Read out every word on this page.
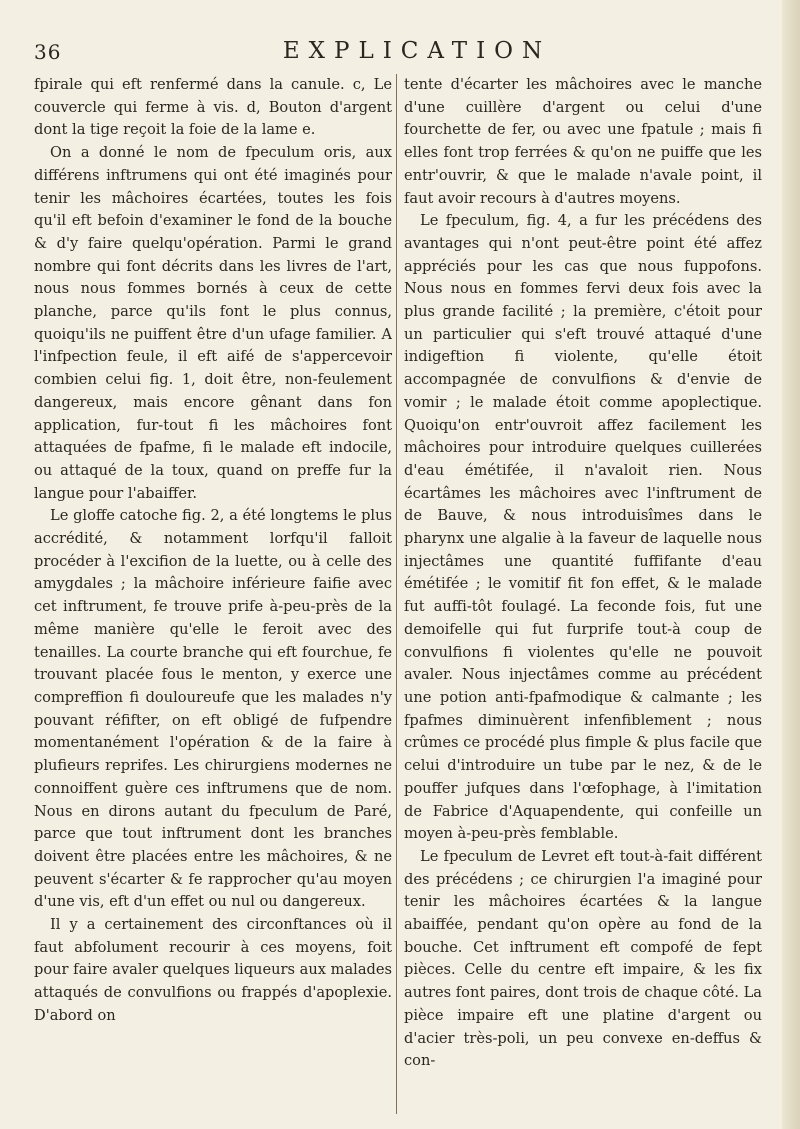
36	EXPLICATION

fpirale qui eft renfermé dans la canule. c, Le couvercle qui ferme à vis. d, Bouton d'argent dont la tige reçoit la foie de la lame e.

On a donné le nom de fpeculum oris, aux différens inftrumens qui ont été imaginés pour tenir les mâchoires écartées, toutes les fois qu'il eft befoin d'examiner le fond de la bouche & d'y faire quelqu'opération. Parmi le grand nombre qui font décrits dans les livres de l'art, nous nous fommes bornés à ceux de cette planche, parce qu'ils font le plus connus, quoiqu'ils ne puiffent être d'un ufage familier. A l'infpection feule, il eft aifé de s'appercevoir combien celui fig. 1, doit être, non-feulement dangereux, mais encore gênant dans fon application, fur-tout fi les mâchoires font attaquées de fpafme, fi le malade eft indocile, ou attaqué de la toux, quand on preffe fur la langue pour l'abaiffer.

Le gloffe catoche fig. 2, a été longtems le plus accrédité, & notamment lorfqu'il falloit procéder à l'excifion de la luette, ou à celle des amygdales ; la mâchoire inférieure faifie avec cet inftrument, fe trouve prife à-peu-près de la même manière qu'elle le feroit avec des tenailles. La courte branche qui eft fourchue, fe trouvant placée fous le menton, y exerce une compreffion fi douloureufe que les malades n'y pouvant réfifter, on eft obligé de fufpendre momentanément l'opération & de la faire à plufieurs reprifes. Les chirurgiens modernes ne connoiffent guère ces inftrumens que de nom. Nous en dirons autant du fpeculum de Paré, parce que tout inftrument dont les branches doivent être placées entre les mâchoires, & ne peuvent s'écarter & fe rapprocher qu'au moyen d'une vis, eft d'un effet ou nul ou dangereux.

Il y a certainement des circonftances où il faut abfolument recourir à ces moyens, foit pour faire avaler quelques liqueurs aux malades attaqués de convulfions ou frappés d'apoplexie. D'abord on

tente d'écarter les mâchoires avec le manche d'une cuillère d'argent ou celui d'une fourchette de fer, ou avec une fpatule ; mais fi elles font trop ferrées & qu'on ne puiffe que les entr'ouvrir, & que le malade n'avale point, il faut avoir recours à d'autres moyens.

Le fpeculum, fig. 4, a fur les précédens des avantages qui n'ont peut-être point été affez appréciés pour les cas que nous fuppofons. Nous nous en fommes fervi deux fois avec la plus grande facilité ; la première, c'étoit pour un particulier qui s'eft trouvé attaqué d'une indigeftion fi violente, qu'elle étoit accompagnée de convulfions & d'envie de vomir ; le malade étoit comme apoplectique. Quoiqu'on entr'ouvroit affez facilement les mâchoires pour introduire quelques cuillerées d'eau émétifée, il n'avaloit rien. Nous écartâmes les mâchoires avec l'inftrument de de Bauve, & nous introduisîmes dans le pharynx une algalie à la faveur de laquelle nous injectâmes une quantité fuffifante d'eau émétifée ; le vomitif fit fon effet, & le malade fut auffi-tôt foulagé. La feconde fois, fut une demoifelle qui fut furprife tout-à coup de convulfions fi violentes qu'elle ne pouvoit avaler. Nous injectâmes comme au précédent une potion anti-fpafmodique & calmante ; les fpafmes diminuèrent infenfiblement ; nous crûmes ce procédé plus fimple & plus facile que celui d'introduire un tube par le nez, & de le pouffer jufques dans l'œfophage, à l'imitation de Fabrice d'Aquapendente, qui confeille un moyen à-peu-près femblable.

Le fpeculum de Levret eft tout-à-fait différent des précédens ; ce chirurgien l'a imaginé pour tenir les mâchoires écartées & la langue abaiffée, pendant qu'on opère au fond de la bouche. Cet inftrument eft compofé de fept pièces. Celle du centre eft impaire, & les fix autres font paires, dont trois de chaque côté. La pièce impaire eft une platine d'argent ou d'acier très-poli, un peu convexe en-deffus & con-
